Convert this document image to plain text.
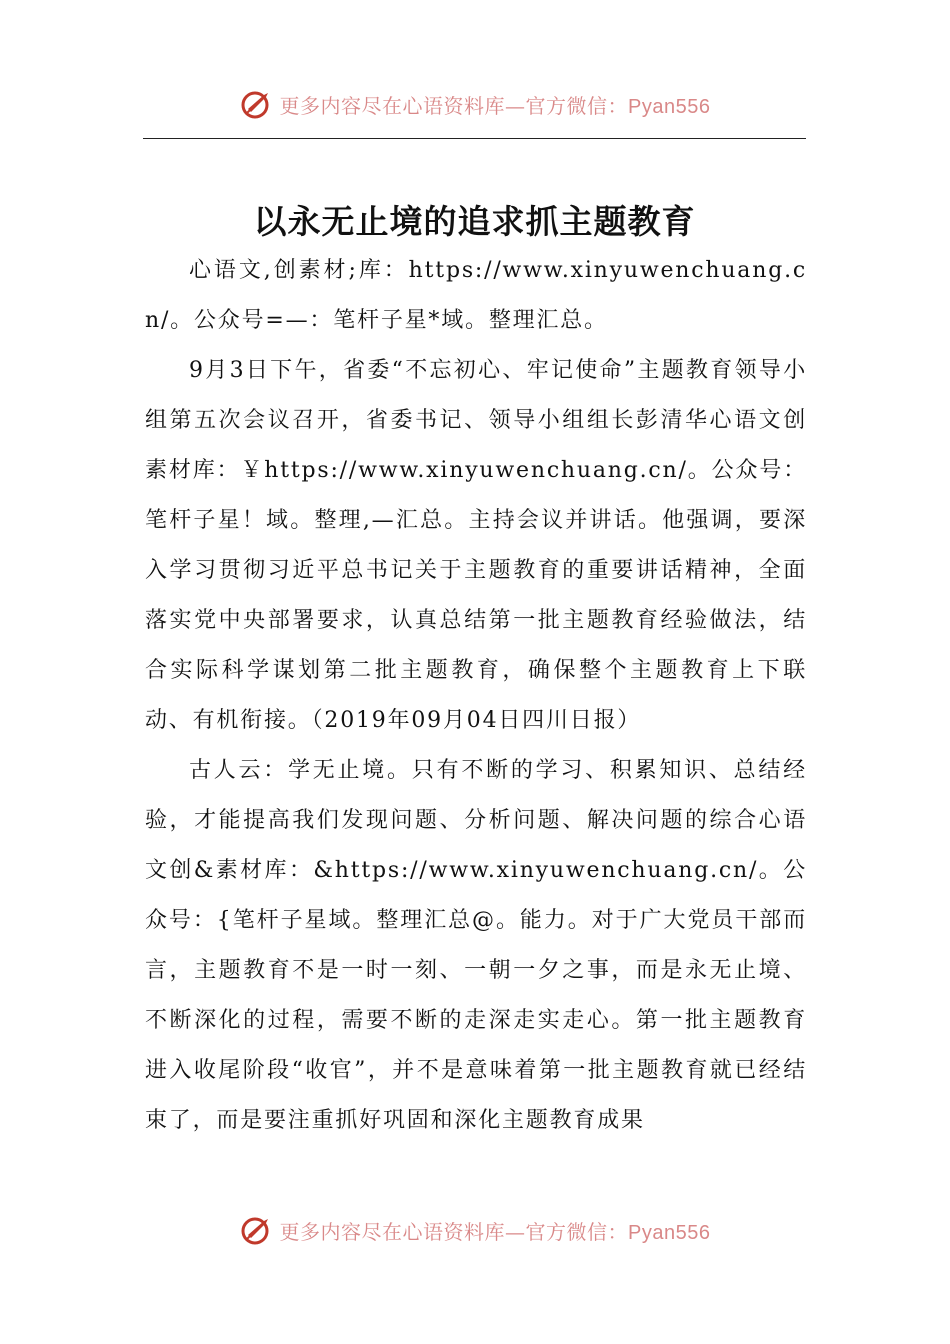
更多内容尽在心语资料库—官方微信：Pyan556
以永无止境的追求抓主题教育

心语文,创素材;库：https://www.xinyuwenchuang.cn/。公众号=—：笔杆子星*域。整理汇总。

9月3日下午，省委“不忘初心、牢记使命”主题教育领导小组第五次会议召开，省委书记、领导小组组长彭清华心语文创素材库：￥https://www.xinyuwenchuang.cn/。公众号：笔杆子星！域。整理,—汇总。主持会议并讲话。他强调，要深入学习贯彻习近平总书记关于主题教育的重要讲话精神，全面落实党中央部署要求，认真总结第一批主题教育经验做法，结合实际科学谋划第二批主题教育，确保整个主题教育上下联动、有机衔接。（2019年09月04日四川日报）

古人云：学无止境。只有不断的学习、积累知识、总结经验，才能提高我们发现问题、分析问题、解决问题的综合心语文创&素材库：&https://www.xinyuwenchuang.cn/。公众号：{笔杆子星域。整理汇总@。能力。对于广大党员干部而言，主题教育不是一时一刻、一朝一夕之事，而是永无止境、不断深化的过程，需要不断的走深走实走心。第一批主题教育进入收尾阶段“收官”，并不是意味着第一批主题教育就已经结束了，而是要注重抓好巩固和深化主题教育成果

更多内容尽在心语资料库—官方微信：Pyan556
